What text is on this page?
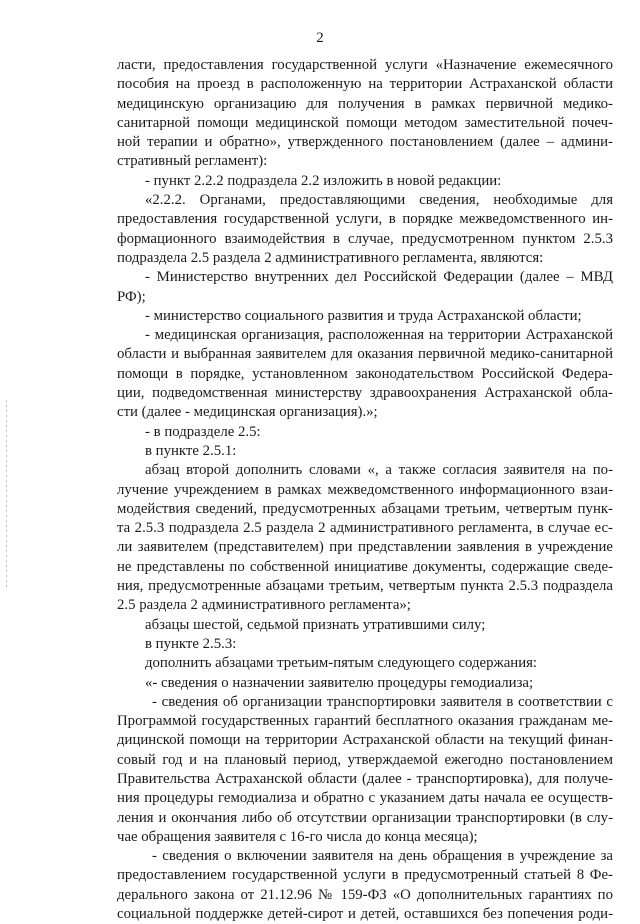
2
ласти, предоставления государственной услуги «Назначение ежемесячного
пособия на проезд в расположенную на территории Астраханской области
медицинскую организацию для получения в рамках первичной медико-
санитарной помощи медицинской помощи методом заместительной почеч-
ной терапии и обратно», утвержденного постановлением (далее – админи-
стративный регламент):
- пункт 2.2.2 подраздела 2.2 изложить в новой редакции:
«2.2.2. Органами, предоставляющими сведения, необходимые для
предоставления государственной услуги, в порядке межведомственного ин-
формационного взаимодействия в случае, предусмотренном пунктом 2.5.3
подраздела 2.5 раздела 2 административного регламента, являются:
- Министерство внутренних дел Российской Федерации (далее – МВД
РФ);
- министерство социального развития и труда Астраханской области;
- медицинская организация, расположенная на территории Астраханской
области и выбранная заявителем для оказания первичной медико-санитарной
помощи в порядке, установленном законодательством Российской Федера-
ции, подведомственная министерству здравоохранения Астраханской обла-
сти (далее - медицинская организация).»;
- в подразделе 2.5:
в пункте 2.5.1:
абзац второй дополнить словами «, а также согласия заявителя на по-
лучение учреждением в рамках межведомственного информационного взаи-
модействия сведений, предусмотренных абзацами третьим, четвертым пунк-
та 2.5.3 подраздела 2.5 раздела 2 административного регламента, в случае ес-
ли заявителем (представителем) при представлении заявления в учреждение
не представлены по собственной инициативе документы, содержащие сведе-
ния, предусмотренные абзацами третьим, четвертым пункта 2.5.3 подраздела
2.5 раздела 2 административного регламента»;
абзацы шестой, седьмой признать утратившими силу;
в пункте 2.5.3:
дополнить абзацами третьим-пятым следующего содержания:
«- сведения о назначении заявителю процедуры гемодиализа;
- сведения об организации транспортировки заявителя в соответствии с
Программой государственных гарантий бесплатного оказания гражданам ме-
дицинской помощи на территории Астраханской области на текущий финан-
совый год и на плановый период, утверждаемой ежегодно постановлением
Правительства Астраханской области (далее - транспортировка), для получе-
ния процедуры гемодиализа и обратно с указанием даты начала ее осуществ-
ления и окончания либо об отсутствии организации транспортировки (в слу-
чае обращения заявителя с 16-го числа до конца месяца);
- сведения о включении заявителя на день обращения в учреждение за
предоставлением государственной услуги в предусмотренный статьей 8 Фе-
дерального закона от 21.12.96 № 159-ФЗ «О дополнительных гарантиях по
социальной поддержке детей-сирот и детей, оставшихся без попечения роди-
